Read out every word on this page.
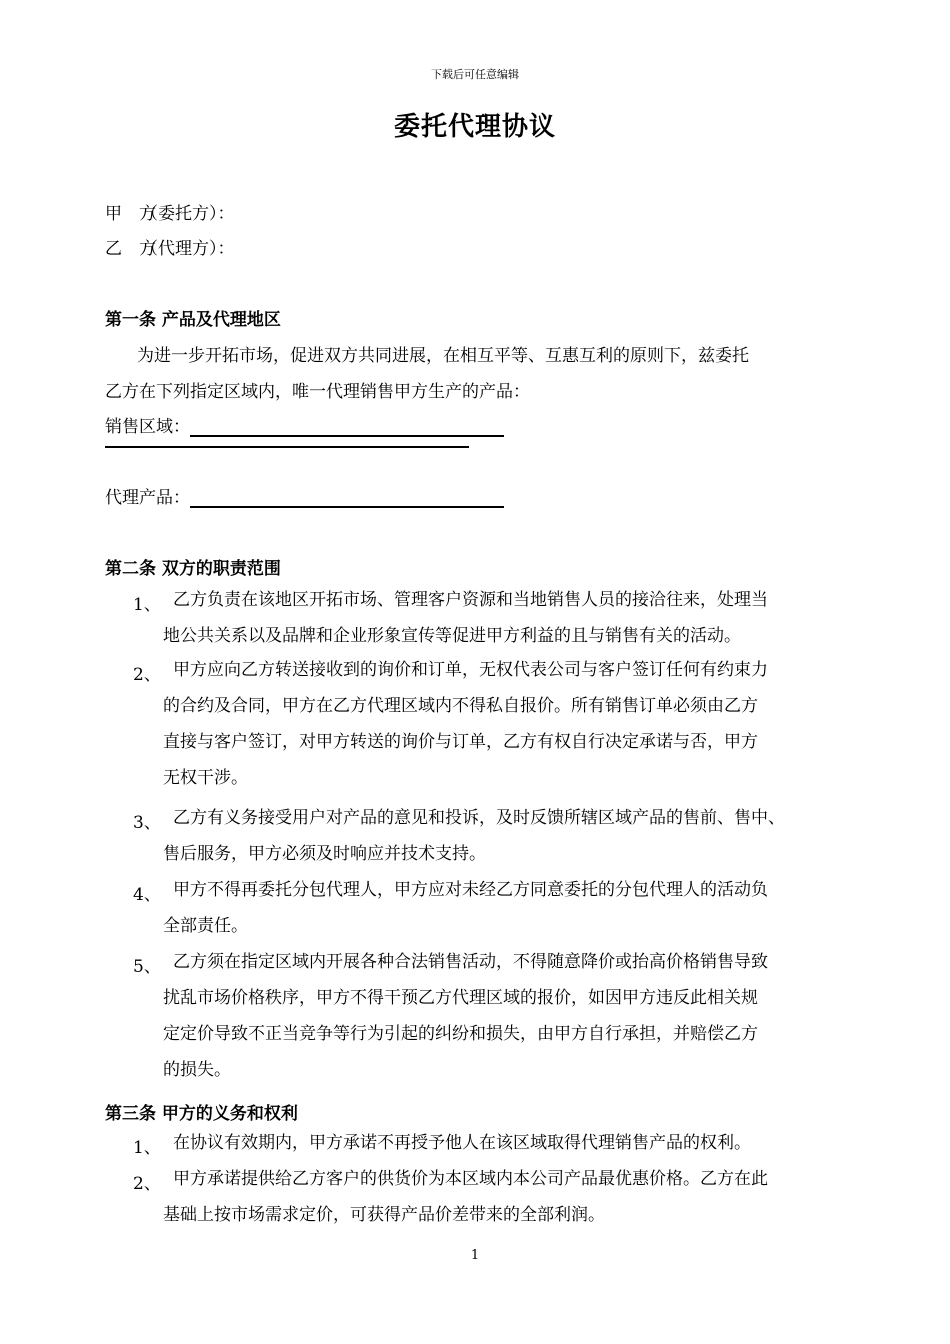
下载后可任意编辑
委托代理协议
甲　方（委托方）：
乙　方（代理方）：
第一条 产品及代理地区
为进一步开拓市场，促进双方共同进展，在相互平等、互惠互利的原则下，兹委托
乙方在下列指定区域内，唯一代理销售甲方生产的产品：
销售区域：
代理产品：
第二条 双方的职责范围
1、 乙方负责在该地区开拓市场、管理客户资源和当地销售人员的接洽往来，处理当
地公共关系以及品牌和企业形象宣传等促进甲方利益的且与销售有关的活动。
2、 甲方应向乙方转送接收到的询价和订单，无权代表公司与客户签订任何有约束力
的合约及合同，甲方在乙方代理区域内不得私自报价。所有销售订单必须由乙方
直接与客户签订，对甲方转送的询价与订单，乙方有权自行决定承诺与否，甲方
无权干涉。
3、 乙方有义务接受用户对产品的意见和投诉，及时反馈所辖区域产品的售前、售中、
售后服务，甲方必须及时响应并技术支持。
4、 甲方不得再委托分包代理人，甲方应对未经乙方同意委托的分包代理人的活动负
全部责任。
5、 乙方须在指定区域内开展各种合法销售活动，不得随意降价或抬高价格销售导致
扰乱市场价格秩序，甲方不得干预乙方代理区域的报价，如因甲方违反此相关规
定定价导致不正当竞争等行为引起的纠纷和损失，由甲方自行承担，并赔偿乙方
的损失。
第三条 甲方的义务和权利
1、 在协议有效期内，甲方承诺不再授予他人在该区域取得代理销售产品的权利。
2、 甲方承诺提供给乙方客户的供货价为本区域内本公司产品最优惠价格。乙方在此
基础上按市场需求定价，可获得产品价差带来的全部利润。
1
